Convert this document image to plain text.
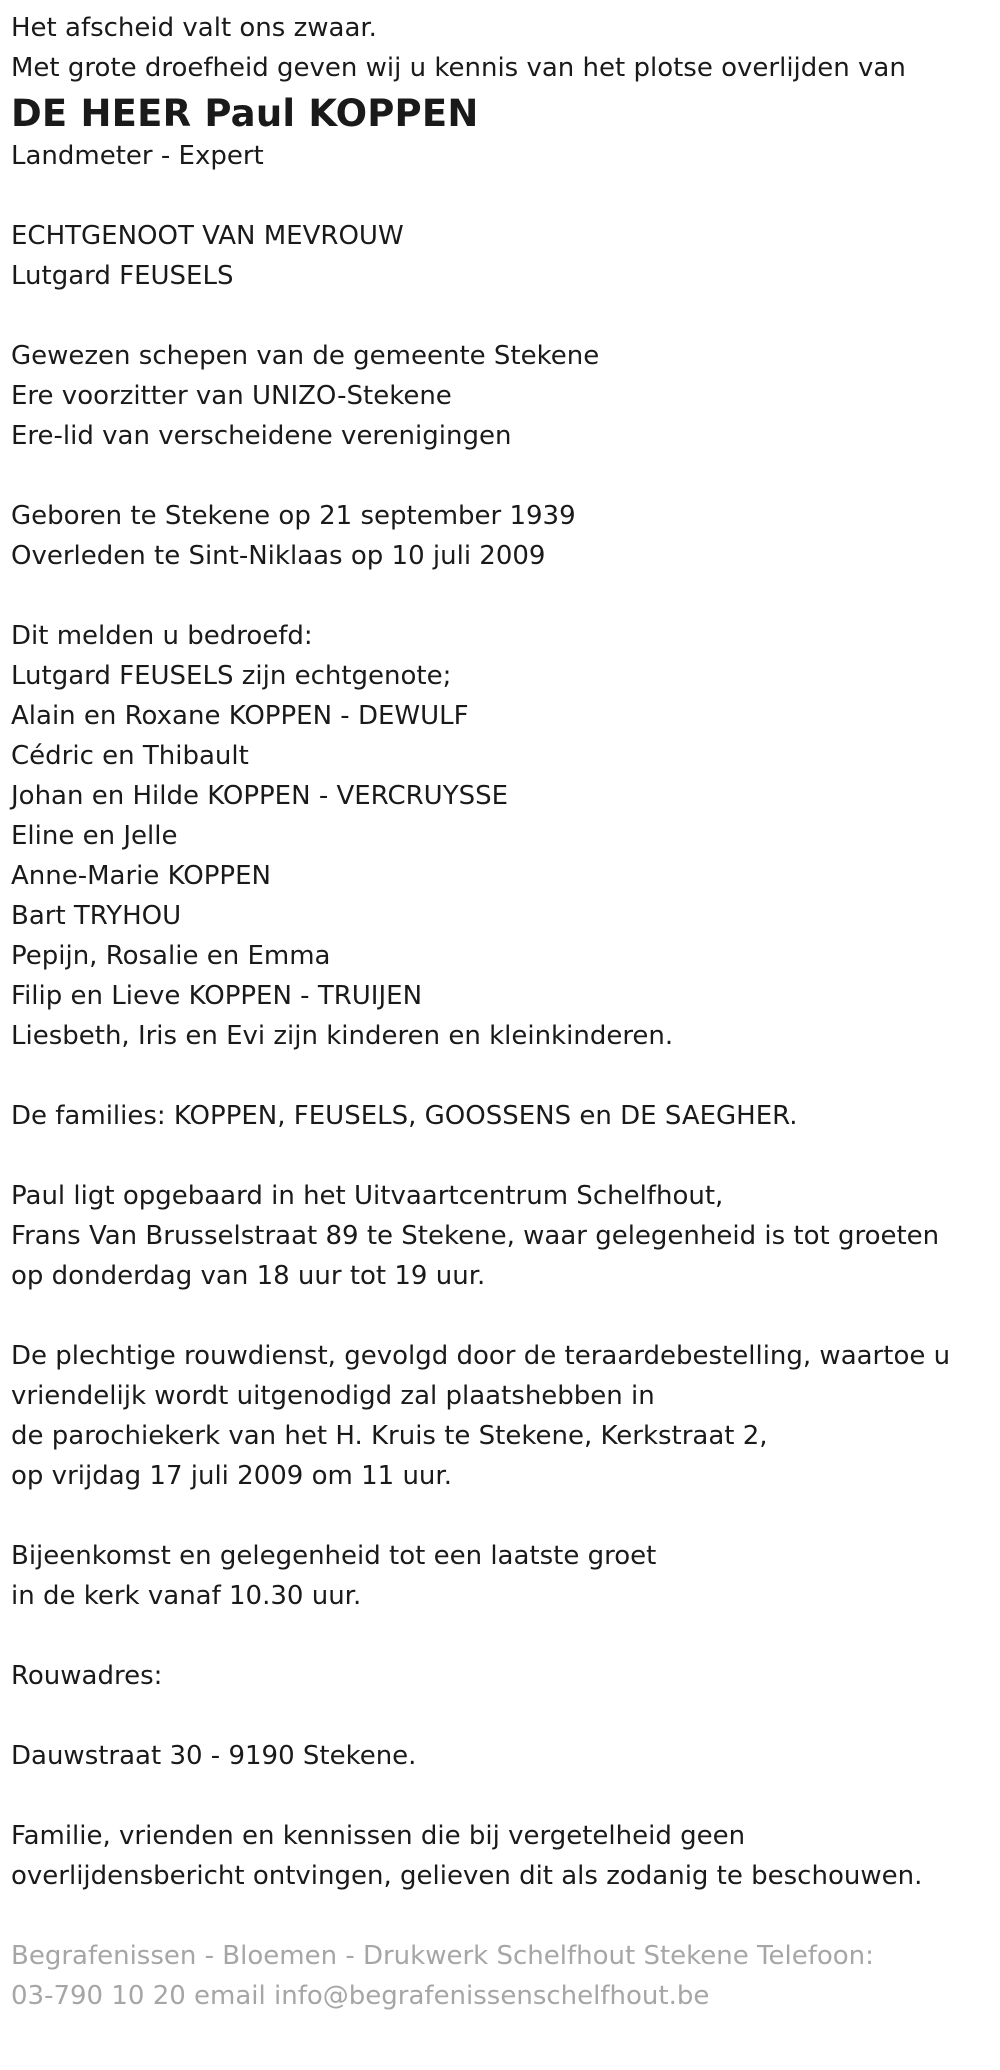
Het afscheid valt ons zwaar.
Met grote droefheid geven wij u kennis van het plotse overlijden van
DE HEER Paul KOPPEN
Landmeter - Expert
ECHTGENOOT VAN MEVROUW
Lutgard FEUSELS
Gewezen schepen van de gemeente Stekene
Ere voorzitter van UNIZO-Stekene
Ere-lid van verscheidene verenigingen
Geboren te Stekene op 21 september 1939
Overleden te Sint-Niklaas op 10 juli 2009
Dit melden u bedroefd:
Lutgard FEUSELS zijn echtgenote;
Alain en Roxane KOPPEN - DEWULF
Cédric en Thibault
Johan en Hilde KOPPEN - VERCRUYSSE
Eline en Jelle
Anne-Marie KOPPEN
Bart TRYHOU
Pepijn, Rosalie en Emma
Filip en Lieve KOPPEN - TRUIJEN
Liesbeth, Iris en Evi zijn kinderen en kleinkinderen.
De families: KOPPEN, FEUSELS, GOOSSENS en DE SAEGHER.
Paul ligt opgebaard in het Uitvaartcentrum Schelfhout,
Frans Van Brusselstraat 89 te Stekene, waar gelegenheid is tot groeten
op donderdag van 18 uur tot 19 uur.
De plechtige rouwdienst, gevolgd door de teraardebestelling, waartoe u
vriendelijk wordt uitgenodigd zal plaatshebben in
de parochiekerk van het H. Kruis te Stekene, Kerkstraat 2,
op vrijdag 17 juli 2009 om 11 uur.
Bijeenkomst en gelegenheid tot een laatste groet
in de kerk vanaf 10.30 uur.
Rouwadres:
Dauwstraat 30 - 9190 Stekene.
Familie, vrienden en kennissen die bij vergetelheid geen
overlijdensbericht ontvingen, gelieven dit als zodanig te beschouwen.
Begrafenissen - Bloemen - Drukwerk Schelfhout Stekene Telefoon:
03-790 10 20 email info@begrafenissenschelfhout.be
